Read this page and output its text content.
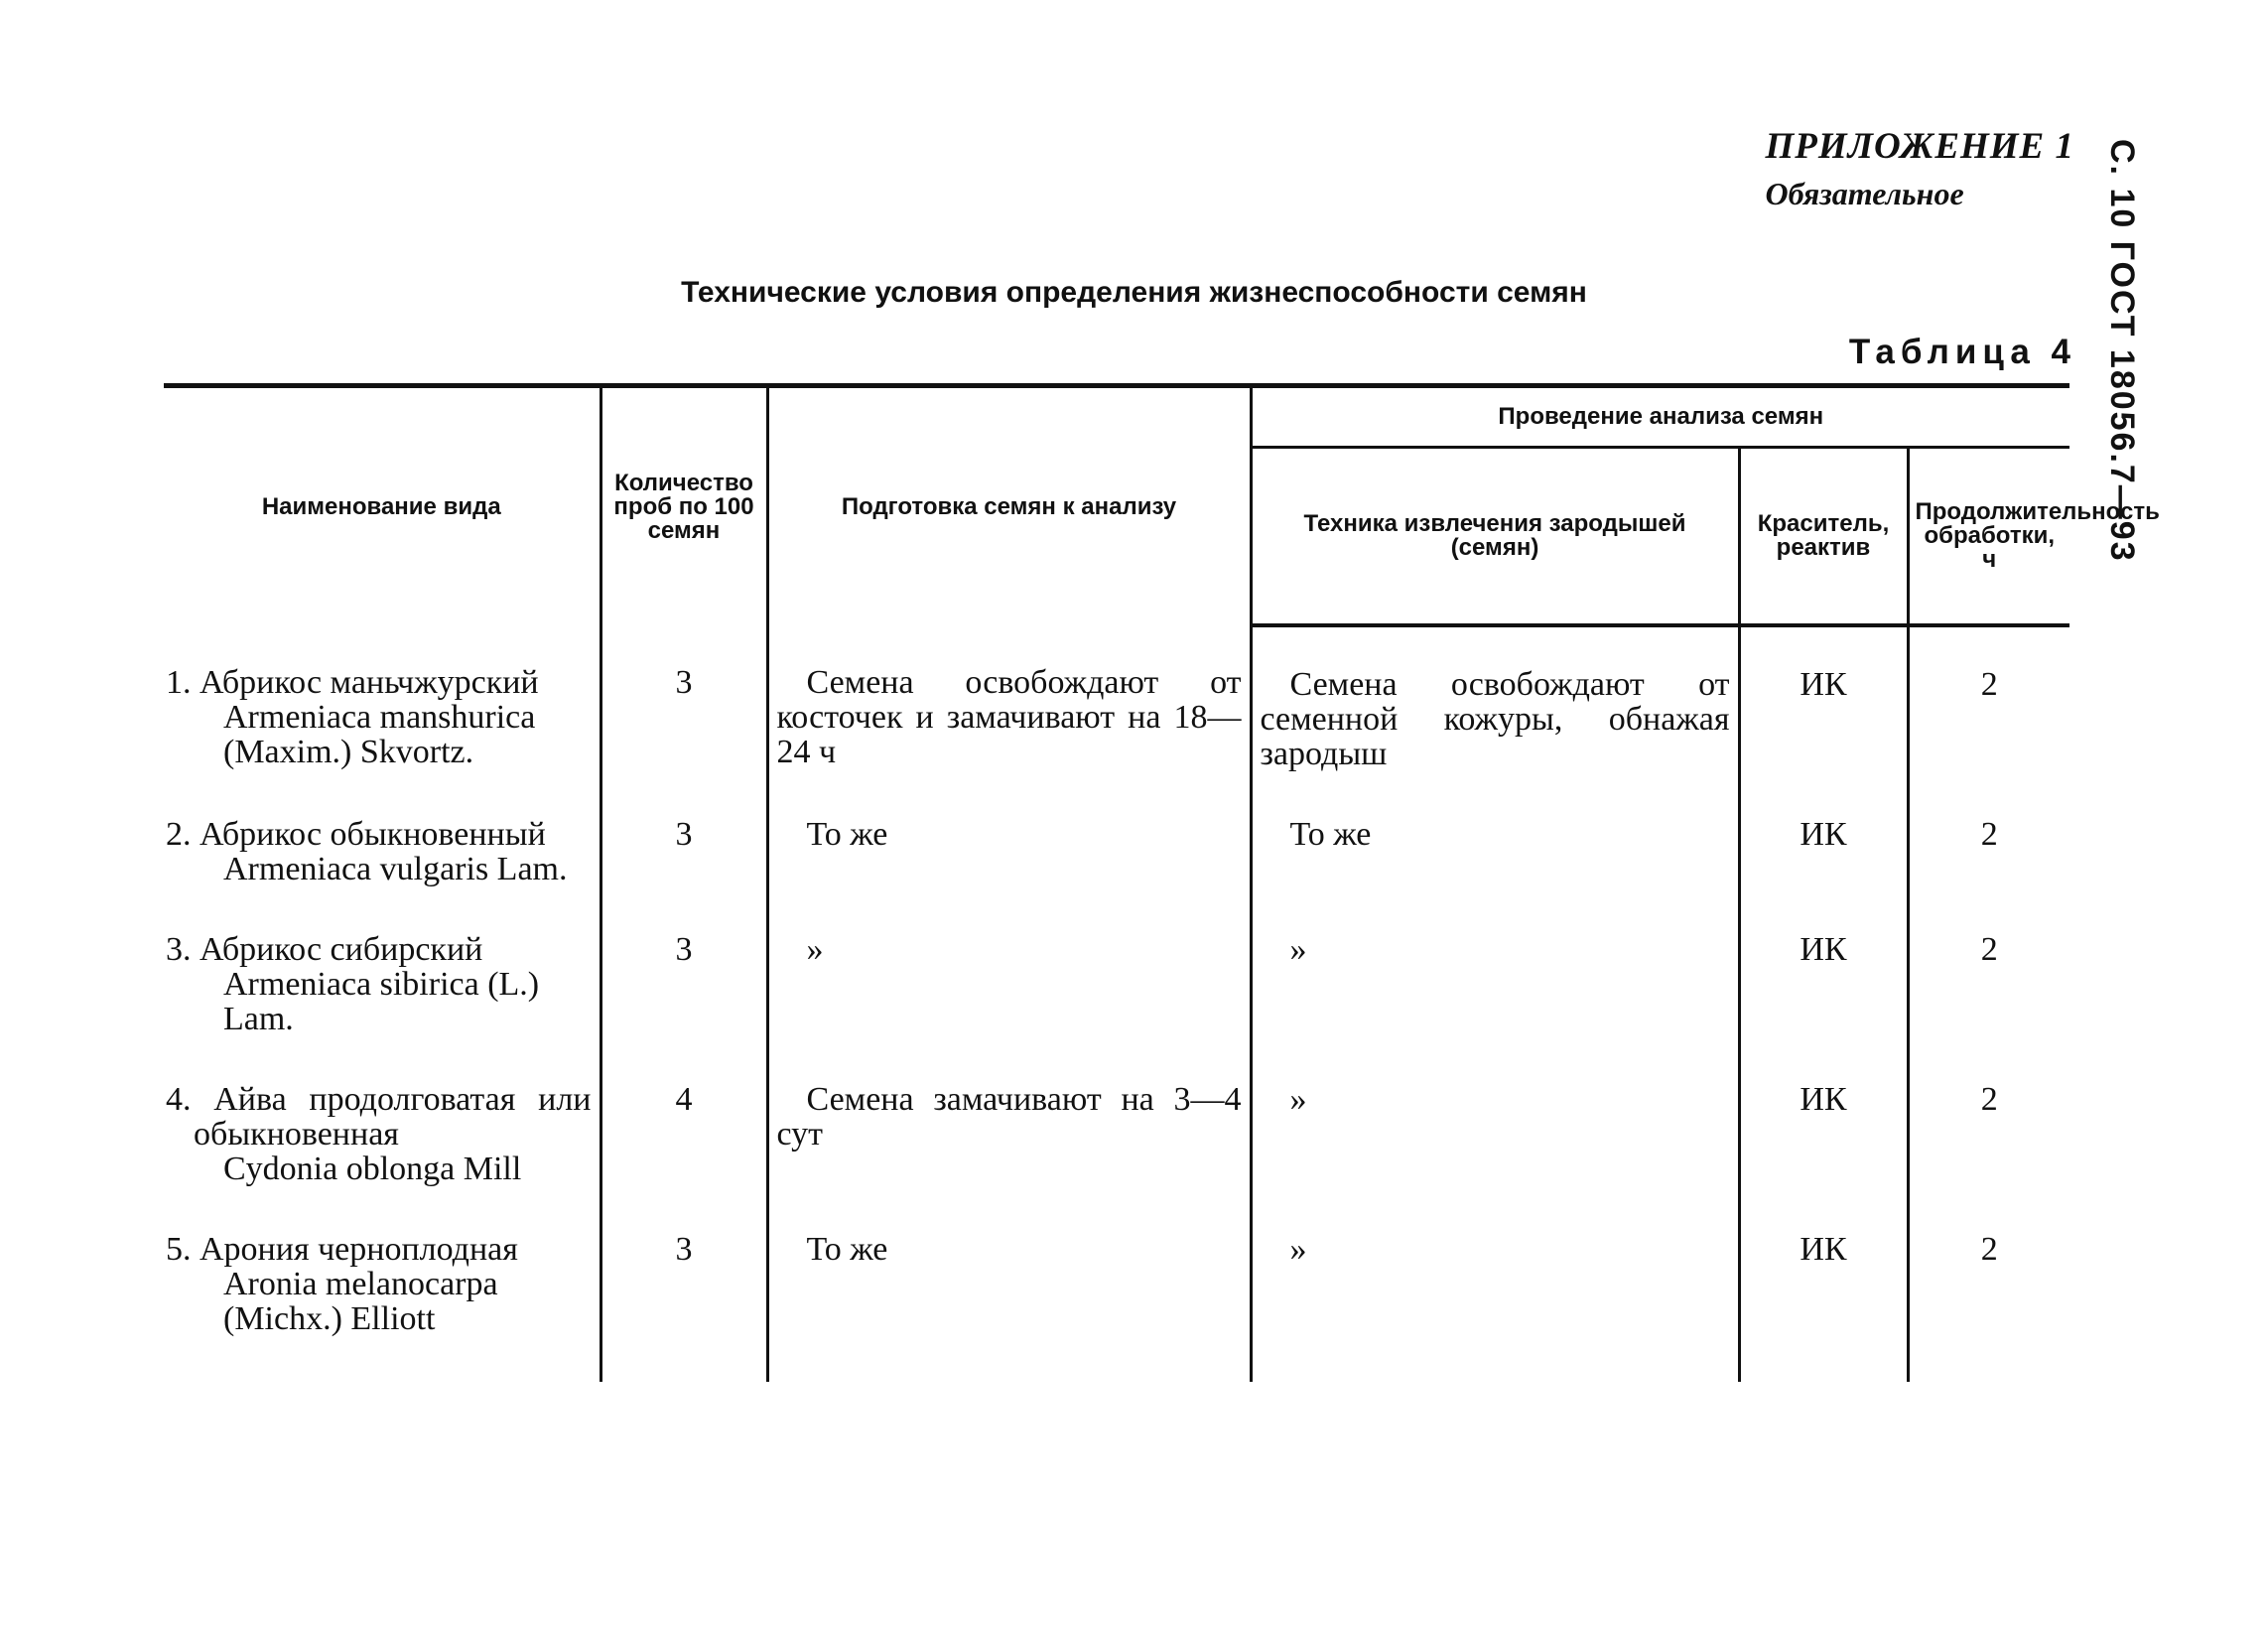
ПРИЛОЖЕНИЕ 1
Обязательное	С. 10 ГОСТ 18056.7—93
Технические условия определения жизнеспособности семян
Таблица 4
Наименование вида	Количество проб по 100 семян	Подготовка семян к анализу	Проведение анализа семян		
			Техника извлечения зародышей (семян)	Краситель, реактив	Продолжительность обработки, ч

1. Абрикос маньчжурский
Armeniaca manshurica (Maxim.) Skvortz.	3	Семена освобождают от косточек и замачивают на 18—24 ч	Семена освобождают от семенной кожуры, обнажая зародыш	ИК	2

2. Абрикос обыкновенный
Armeniaca vulgaris Lam.	3	То же	То же	ИК	2

3. Абрикос сибирский
Armeniaca sibirica (L.) Lam.	3	»	»	ИК	2

4. Айва продолговатая или обыкновенная
Cydonia oblonga Mill	4	Семена замачивают на 3—4 сут	»	ИК	2

5. Арония черноплодная
Aronia melanocarpa (Michx.) Elliott	3	То же	»	ИК	2
